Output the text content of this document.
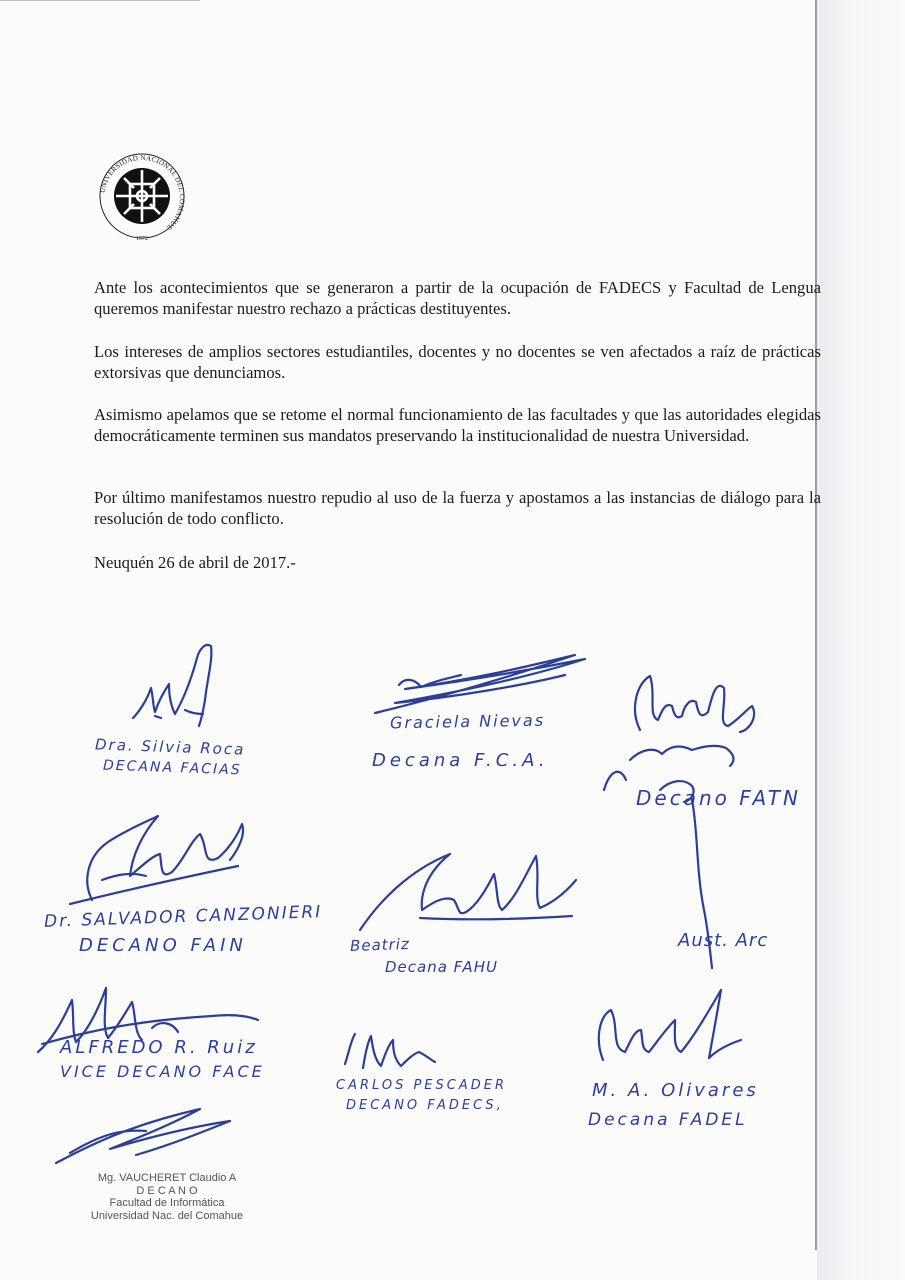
UNIVERSIDAD NACIONAL DEL COMAHUE
1972
Ante los acontecimientos que se generaron a partir de la ocupación de FADECS y Facultad de Lengua queremos manifestar nuestro rechazo a prácticas destituyentes.
Los intereses de amplios sectores estudiantiles, docentes y no docentes se ven afectados a raíz de prácticas extorsivas que denunciamos.
Asimismo apelamos que se retome el normal funcionamiento de las facultades y que las autoridades elegidas democráticamente terminen sus mandatos preservando la institucionalidad de nuestra Universidad.
Por último manifestamos nuestro repudio al uso de la fuerza y apostamos a las instancias de diálogo para la resolución de todo conflicto.
Neuquén 26 de abril de 2017.-
Dra. Silvia Roca
DECANA FACIAS
Graciela Nievas
Decana F.C.A.
Decano FATN
Dr. SALVADOR CANZONIERI
DECANO FAIN	Beatriz
Decana FAHU
Aust. Arc
ALFREDO R. Ruiz
VICE DECANO FACE
CARLOS PESCADER
DECANO FADECS,
M. A. Olivares
Decana FADEL
Mg. VAUCHERET Claudio A
D E C A N O
Facultad de Informática
Universidad Nac. del Comahue
